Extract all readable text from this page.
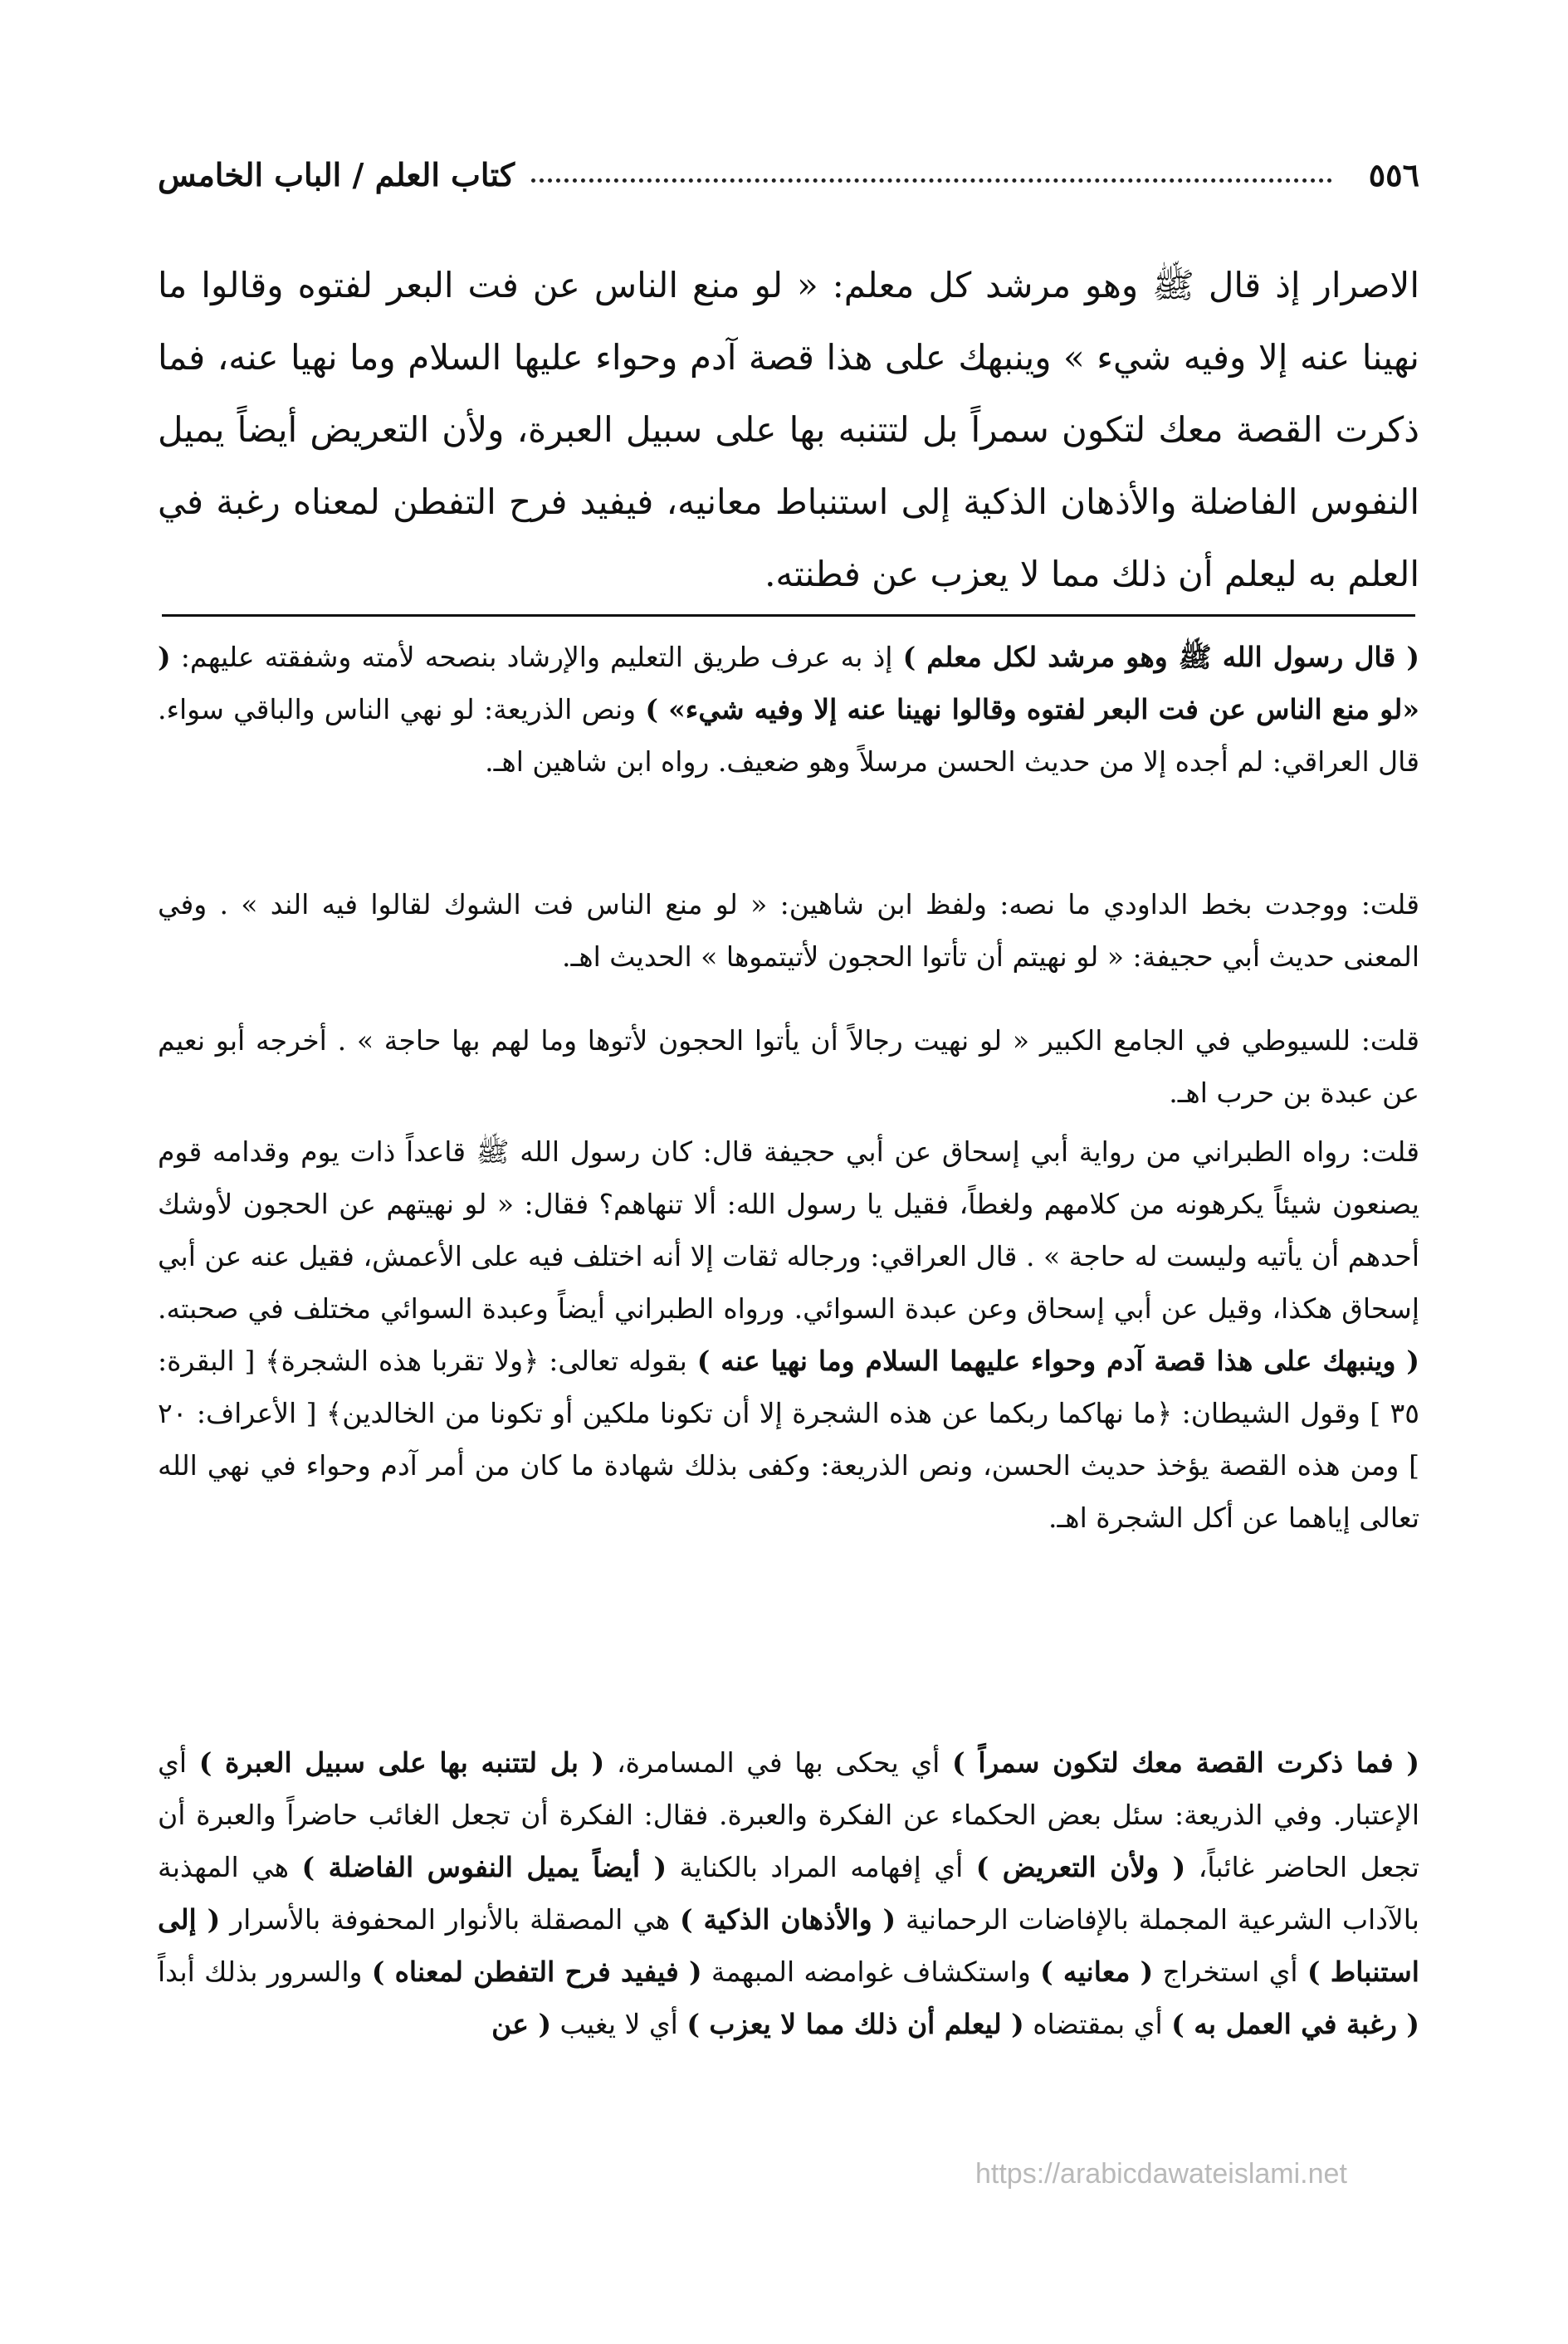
٥٥٦
كتاب العلم / الباب الخامس
الاصرار إذ قال ﷺ وهو مرشد كل معلم: « لو منع الناس عن فت البعر لفتوه وقالوا ما نهينا عنه إلا وفيه شيء » وينبهك على هذا قصة آدم وحواء عليها السلام وما نهيا عنه، فما ذكرت القصة معك لتكون سمراً بل لتتنبه بها على سبيل العبرة، ولأن التعريض أيضاً يميل النفوس الفاضلة والأذهان الذكية إلى استنباط معانيه، فيفيد فرح التفطن لمعناه رغبة في العلم به ليعلم أن ذلك مما لا يعزب عن فطنته.

( قال رسول الله ﷺ وهو مرشد لكل معلم ) إذ به عرف طريق التعليم والإرشاد بنصحه لأمته وشفقته عليهم: ( «لو منع الناس عن فت البعر لفتوه وقالوا نهينا عنه إلا وفيه شيء» ) ونص الذريعة: لو نهي الناس والباقي سواء. قال العراقي: لم أجده إلا من حديث الحسن مرسلاً وهو ضعيف. رواه ابن شاهين اهـ.

قلت: ووجدت بخط الداودي ما نصه: ولفظ ابن شاهين: « لو منع الناس فت الشوك لقالوا فيه الند » . وفي المعنى حديث أبي حجيفة: « لو نهيتم أن تأتوا الحجون لأتيتموها » الحديث اهـ.

قلت: للسيوطي في الجامع الكبير « لو نهيت رجالاً أن يأتوا الحجون لأتوها وما لهم بها حاجة » . أخرجه أبو نعيم عن عبدة بن حرب اهـ.

قلت: رواه الطبراني من رواية أبي إسحاق عن أبي حجيفة قال: كان رسول الله ﷺ قاعداً ذات يوم وقدامه قوم يصنعون شيئاً يكرهونه من كلامهم ولغطاً، فقيل يا رسول الله: ألا تنهاهم؟ فقال: « لو نهيتهم عن الحجون لأوشك أحدهم أن يأتيه وليست له حاجة » . قال العراقي: ورجاله ثقات إلا أنه اختلف فيه على الأعمش، فقيل عنه عن أبي إسحاق هكذا، وقيل عن أبي إسحاق وعن عبدة السوائي. ورواه الطبراني أيضاً وعبدة السوائي مختلف في صحبته. ( وينبهك على هذا قصة آدم وحواء عليهما السلام وما نهيا عنه ) بقوله تعالى: ﴿ولا تقربا هذه الشجرة﴾ [ البقرة: ٣٥ ] وقول الشيطان: ﴿ما نهاكما ربكما عن هذه الشجرة إلا أن تكونا ملكين أو تكونا من الخالدين﴾ [ الأعراف: ٢٠ ] ومن هذه القصة يؤخذ حديث الحسن، ونص الذريعة: وكفى بذلك شهادة ما كان من أمر آدم وحواء في نهي الله تعالى إياهما عن أكل الشجرة اهـ.

( فما ذكرت القصة معك لتكون سمراً ) أي يحكى بها في المسامرة، ( بل لتتنبه بها على سبيل العبرة ) أي الإعتبار. وفي الذريعة: سئل بعض الحكماء عن الفكرة والعبرة. فقال: الفكرة أن تجعل الغائب حاضراً والعبرة أن تجعل الحاضر غائباً، ( ولأن التعريض ) أي إفهامه المراد بالكناية ( أيضاً يميل النفوس الفاضلة ) هي المهذبة بالآداب الشرعية المجملة بالإفاضات الرحمانية ( والأذهان الذكية ) هي المصقلة بالأنوار المحفوفة بالأسرار ( إلى استنباط ) أي استخراج ( معانيه ) واستكشاف غوامضه المبهمة ( فيفيد فرح التفطن لمعناه ) والسرور بذلك أبداً ( رغبة في العمل به ) أي بمقتضاه ( ليعلم أن ذلك مما لا يعزب ) أي لا يغيب ( عن

https://arabicdawateislami.net
